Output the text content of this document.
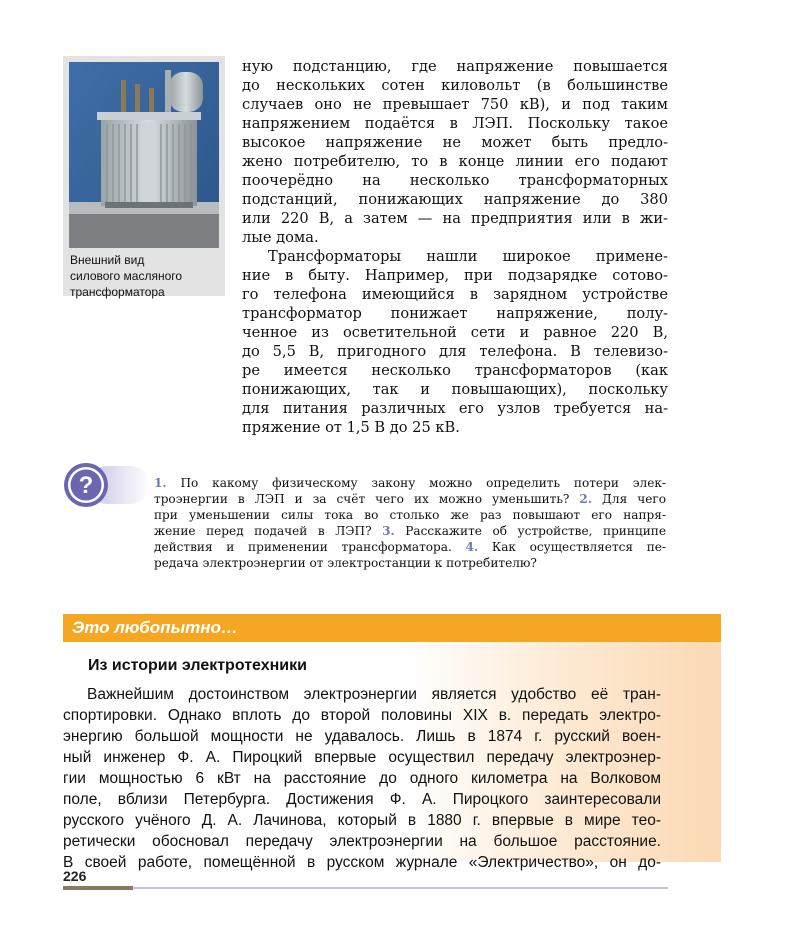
Внешний вид
силового масляного
трансформатора

ную подстанцию, где напряжение повышается

до нескольких сотен киловольт (в большинстве

случаев оно не превышает 750 кВ), и под таким

напряжением подаётся в ЛЭП. Поскольку такое

высокое напряжение не может быть предло-

жено потребителю, то в конце линии его подают

поочерёдно на несколько трансформаторных

подстанций, понижающих напряжение до 380

или 220 В, а затем — на предприятия или в жи-

лые дома.

Трансформаторы нашли широкое примене-

ние в быту. Например, при подзарядке сотово-

го телефона имеющийся в зарядном устройстве

трансформатор понижает напряжение, полу-

ченное из осветительной сети и равное 220 В,

до 5,5 В, пригодного для телефона. В телевизо-

ре имеется несколько трансформаторов (как

понижающих, так и повышающих), поскольку

для питания различных его узлов требуется на-

пряжение от 1,5 В до 25 кВ.

?	1. По какому физическому закону можно определить потери элек-

троэнергии в ЛЭП и за счёт чего их можно уменьшить? 2. Для чего

при уменьшении силы тока во столько же раз повышают его напря-

жение перед подачей в ЛЭП? 3. Расскажите об устройстве, принципе

действия и применении трансформатора. 4. Как осуществляется пе-

редача электроэнергии от электростанции к потребителю?

Это любопытно…
Из истории электротехники

Важнейшим достоинством электроэнергии является удобство её тран-

спортировки. Однако вплоть до второй половины XIX в. передать электро-

энергию большой мощности не удавалось. Лишь в 1874 г. русский воен-

ный инженер Ф. А. Пироцкий впервые осуществил передачу электроэнер-

гии мощностью 6 кВт на расстояние до одного километра на Волковом

поле, вблизи Петербурга. Достижения Ф. А. Пироцкого заинтересовали

русского учёного Д. А. Лачинова, который в 1880 г. впервые в мире тео-

ретически обосновал передачу электроэнергии на большое расстояние.

В своей работе, помещённой в русском журнале «Электричество», он до-

226
